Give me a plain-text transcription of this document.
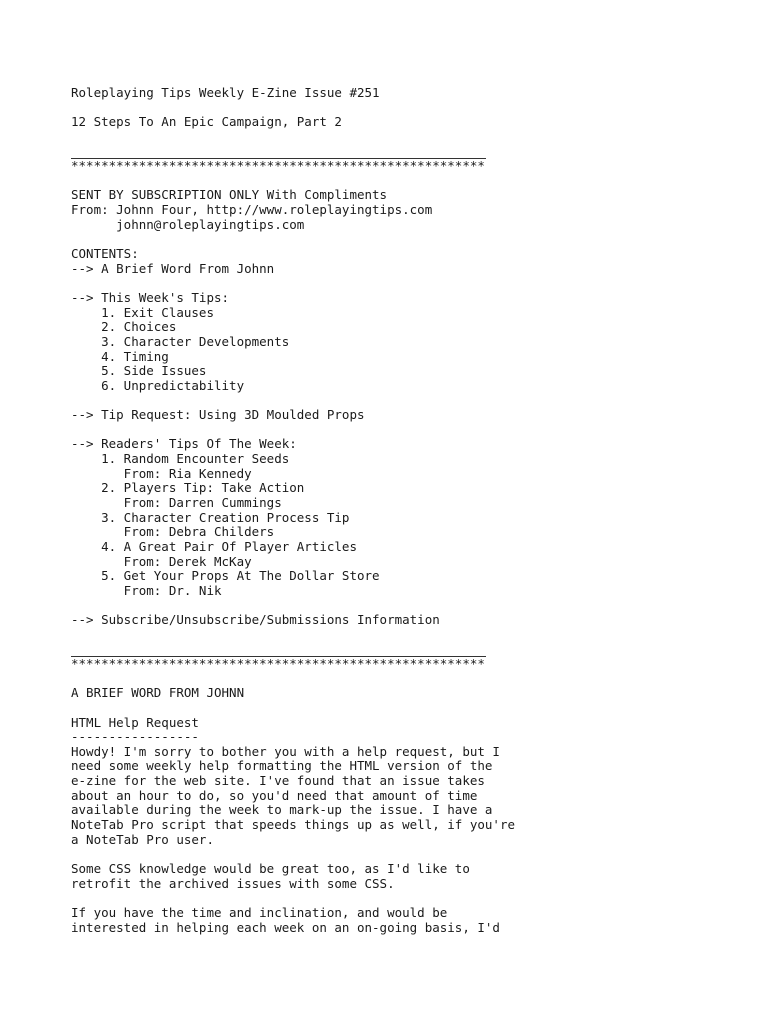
Roleplaying Tips Weekly E-Zine Issue #251
12 Steps To An Epic Campaign, Part 2
*******************************************************
SENT BY SUBSCRIPTION ONLY With Compliments
From: Johnn Four, http://www.roleplayingtips.com
johnn@roleplayingtips.com
CONTENTS:
--> A Brief Word From Johnn
--> This Week's Tips:
1. Exit Clauses
2. Choices
3. Character Developments
4. Timing
5. Side Issues
6. Unpredictability
--> Tip Request: Using 3D Moulded Props
--> Readers' Tips Of The Week:
1. Random Encounter Seeds
From: Ria Kennedy
2. Players Tip: Take Action
From: Darren Cummings
3. Character Creation Process Tip
From: Debra Childers
4. A Great Pair Of Player Articles
From: Derek McKay
5. Get Your Props At The Dollar Store
From: Dr. Nik
--> Subscribe/Unsubscribe/Submissions Information
*******************************************************
A BRIEF WORD FROM JOHNN
HTML Help Request
-----------------
Howdy! I'm sorry to bother you with a help request, but I
need some weekly help formatting the HTML version of the
e-zine for the web site. I've found that an issue takes
about an hour to do, so you'd need that amount of time
available during the week to mark-up the issue. I have a
NoteTab Pro script that speeds things up as well, if you're
a NoteTab Pro user.
Some CSS knowledge would be great too, as I'd like to
retrofit the archived issues with some CSS.
If you have the time and inclination, and would be
interested in helping each week on an on-going basis, I'd
